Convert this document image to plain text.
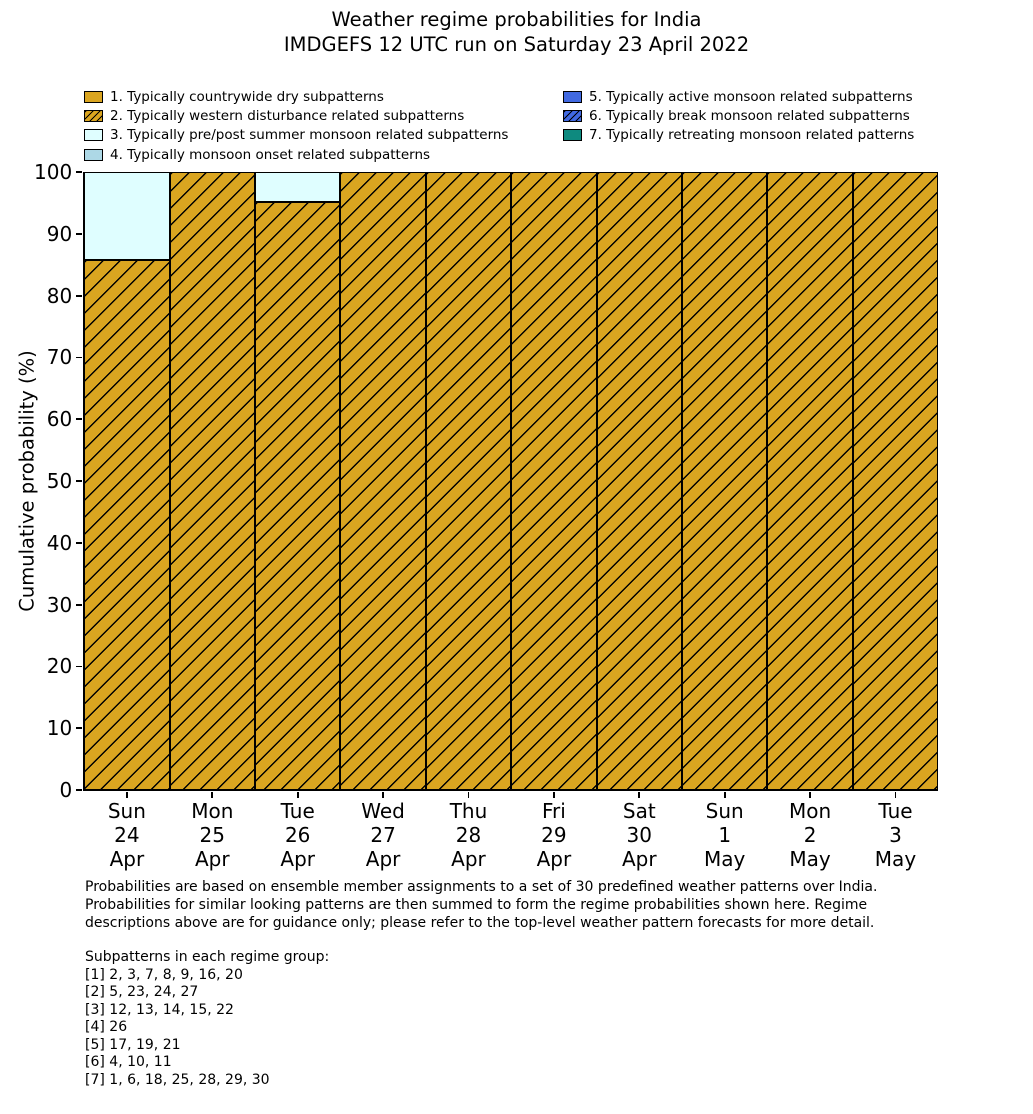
Weather regime probabilities for India
IMDGEFS 12 UTC run on Saturday 23 April 2022
1. Typically countrywide dry subpatterns
2. Typically western disturbance related subpatterns
3. Typically pre/post summer monsoon related subpatterns
4. Typically monsoon onset related subpatterns
5. Typically active monsoon related subpatterns
6. Typically break monsoon related subpatterns
7. Typically retreating monsoon related patterns
Cumulative probability (%)
Sun
24
Apr
Mon
25
Apr
Tue
26
Apr
Wed
27
Apr
Thu
28
Apr
Fri
29
Apr
Sat
30
Apr
Sun
1
May
Mon
2
May
Tue
3
May
0
10
20
30
40
50
60
70
80
90
100
Probabilities are based on ensemble member assignments to a set of 30 predefined weather patterns over India.
Probabilities for similar looking patterns are then summed to form the regime probabilities shown here. Regime
descriptions above are for guidance only; please refer to the top-level weather pattern forecasts for more detail.
Subpatterns in each regime group:
[1] 2, 3, 7, 8, 9, 16, 20
[2] 5, 23, 24, 27
[3] 12, 13, 14, 15, 22
[4] 26
[5] 17, 19, 21
[6] 4, 10, 11
[7] 1, 6, 18, 25, 28, 29, 30
